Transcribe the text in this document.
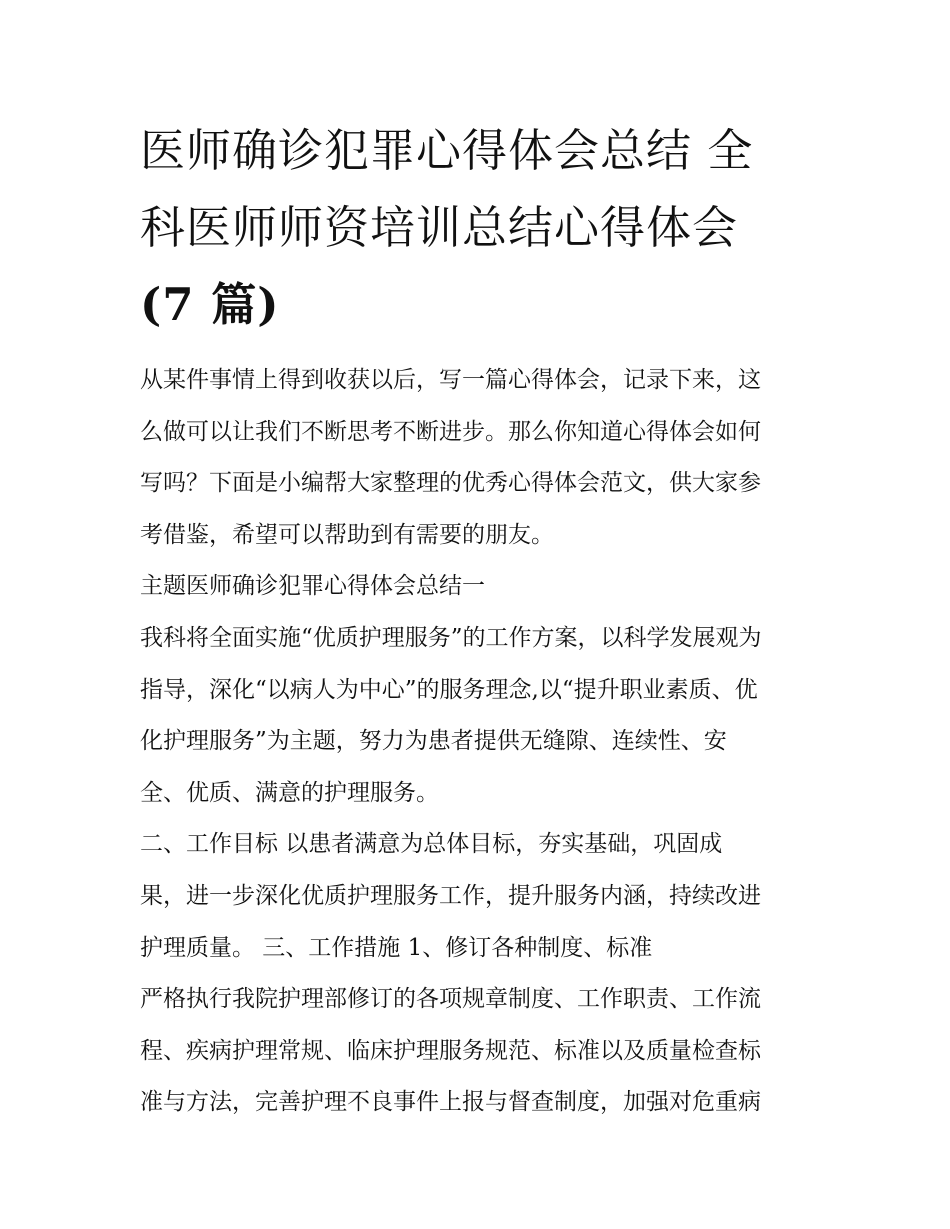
医师确诊犯罪心得体会总结 全
科医师师资培训总结心得体会
(7 篇)
从某件事情上得到收获以后，写一篇心得体会，记录下来，这
么做可以让我们不断思考不断进步。那么你知道心得体会如何
写吗？下面是小编帮大家整理的优秀心得体会范文，供大家参
考借鉴，希望可以帮助到有需要的朋友。
主题医师确诊犯罪心得体会总结一
我科将全面实施“优质护理服务”的工作方案，以科学发展观为
指导，深化“以病人为中心”的服务理念,以“提升职业素质、优
化护理服务”为主题，努力为患者提供无缝隙、连续性、安
全、优质、满意的护理服务。
二、工作目标 以患者满意为总体目标，夯实基础，巩固成
果，进一步深化优质护理服务工作，提升服务内涵，持续改进
护理质量。 三、工作措施 1、修订各种制度、标准
严格执行我院护理部修订的各项规章制度、工作职责、工作流
程、疾病护理常规、临床护理服务规范、标准以及质量检查标
准与方法，完善护理不良事件上报与督查制度，加强对危重病
